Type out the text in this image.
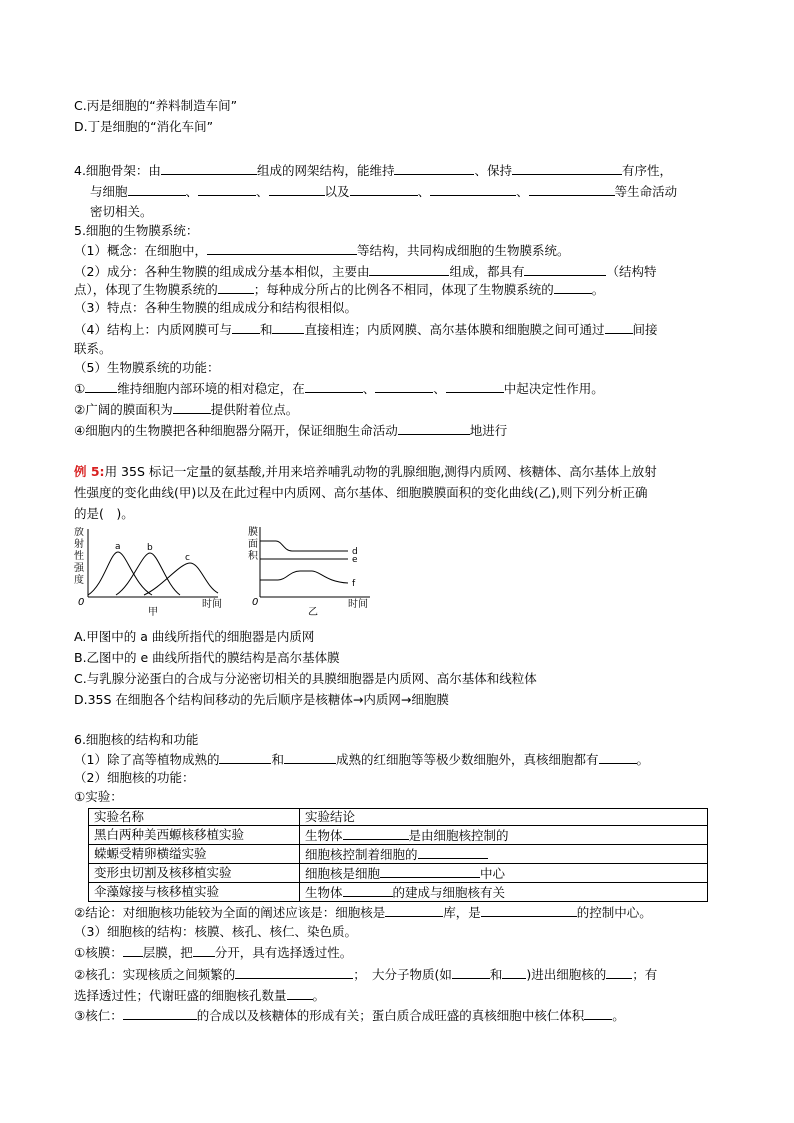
C.丙是细胞的“养料制造车间”
D.丁是细胞的“消化车间”
4.细胞骨架：由	组成的网架结构，能维持	、保持	有序性，
与细胞	、	、	以及	、	、	等生命活动
密切相关。
5.细胞的生物膜系统：
（1）概念：在细胞中，	等结构，共同构成细胞的生物膜系统。
（2）成分：各种生物膜的组成成分基本相似，主要由	组成，都具有	（结构特
点），体现了生物膜系统的	；每种成分所占的比例各不相同，体现了生物膜系统的	。
（3）特点：各种生物膜的组成成分和结构很相似。
（4）结构上：内质网膜可与 和	直接相连；内质网膜、高尔基体膜和细胞膜之间可通过 间接
联系。
（5）生物膜系统的功能：
①	维持细胞内部环境的相对稳定，在	、	、	中起决定性作用。
②广阔的膜面积为	提供附着位点。
④细胞内的生物膜把各种细胞器分隔开，保证细胞生命活动	地进行
例 5:用 35S 标记一定量的氨基酸,并用来培养哺乳动物的乳腺细胞,测得内质网、核糖体、高尔基体上放射
性强度的变化曲线(甲)以及在此过程中内质网、高尔基体、细胞膜膜面积的变化曲线(乙),则下列分析正确
的是(　)。
放
射
性
强
度
0	时间
甲
a	b
c
膜
面
积
0	时间
乙
d
e
f
A.甲图中的 a 曲线所指代的细胞器是内质网
B.乙图中的 e 曲线所指代的膜结构是高尔基体膜
C.与乳腺分泌蛋白的合成与分泌密切相关的具膜细胞器是内质网、高尔基体和线粒体
D.35S 在细胞各个结构间移动的先后顺序是核糖体→内质网→细胞膜
6.细胞核的结构和功能
（1）除了高等植物成熟的	和	成熟的红细胞等等极少数细胞外，真核细胞都有	。
（2）细胞核的功能：
①实验：
实验名称	实验结论
黑白两种美西螈核移植实验	生物体 是由细胞核控制的
蝾螈受精卵横缢实验	细胞核控制着细胞的
变形虫切割及核移植实验	细胞核是细胞 中心
伞藻嫁接与核移植实验	生物体 的建成与细胞核有关
②结论：对细胞核功能较为全面的阐述应该是：细胞核是	库，是	的控制中心。
（3）细胞核的结构：核膜、核孔、核仁、染色质。
①核膜： 层膜，把 分开，具有选择透过性。
②核孔：实现核质之间频繁的	；　大分子物质(如	和 )进出细胞核的 ；有
选择透过性；代谢旺盛的细胞核孔数量 。
③核仁：	的合成以及核糖体的形成有关；蛋白质合成旺盛的真核细胞中核仁体积 。
